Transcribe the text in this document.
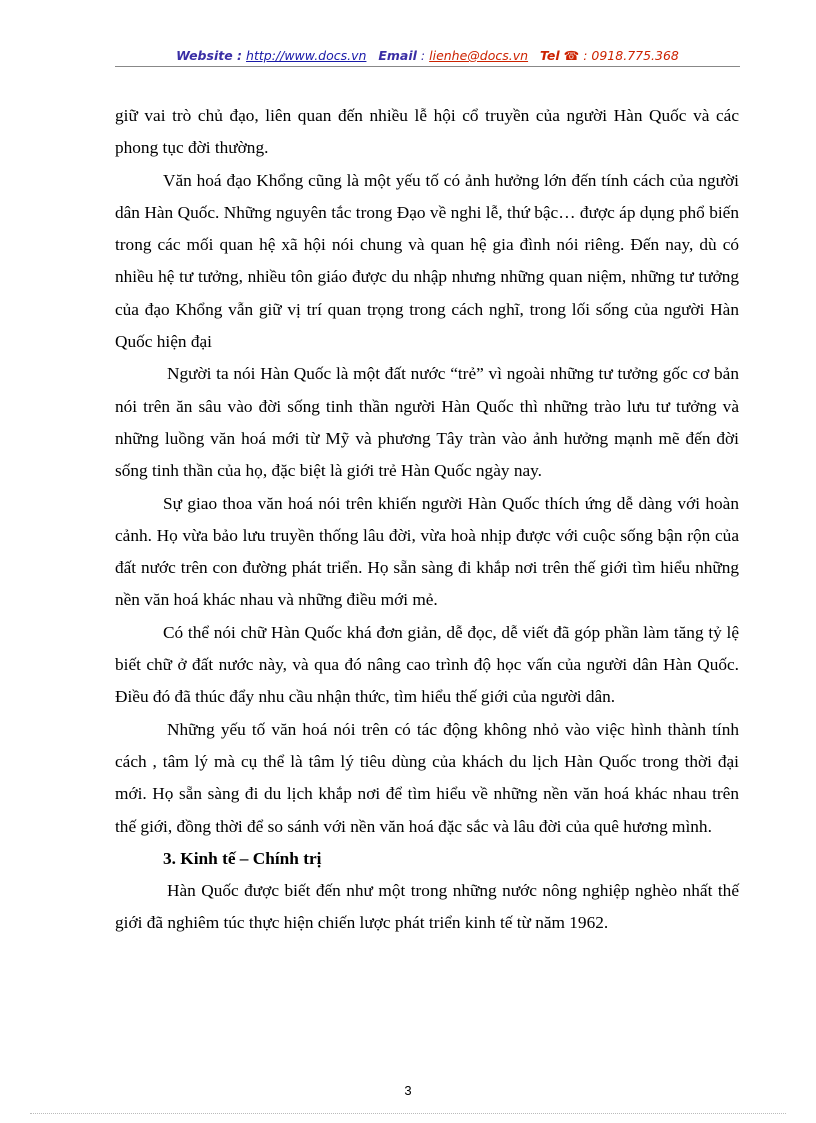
Website : http://www.docs.vn Email : lienhe@docs.vn Tel ☎ : 0918.775.368

giữ vai trò chủ đạo, liên quan đến nhiều lễ hội cổ truyền của người Hàn Quốc và các phong tục đời thường.

Văn hoá đạo Khổng cũng là một yếu tố có ảnh hưởng lớn đến tính cách của người dân Hàn Quốc. Những nguyên tắc trong Đạo về nghi lễ, thứ bậc… được áp dụng phổ biến trong các mối quan hệ xã hội nói chung và quan hệ gia đình nói riêng. Đến nay, dù có nhiều hệ tư tưởng, nhiều tôn giáo được du nhập nhưng những quan niệm, những tư tưởng của đạo Khổng vẫn giữ vị trí quan trọng trong cách nghĩ, trong lối sống của người Hàn Quốc hiện đại

Người ta nói Hàn Quốc là một đất nước “trẻ” vì ngoài những tư tưởng gốc cơ bản nói trên ăn sâu vào đời sống tinh thần người Hàn Quốc thì những trào lưu tư tưởng và những luồng văn hoá mới từ Mỹ và phương Tây tràn vào ảnh hưởng mạnh mẽ đến đời sống tinh thần của họ, đặc biệt là giới trẻ Hàn Quốc ngày nay.

Sự giao thoa văn hoá nói trên khiến người Hàn Quốc thích ứng dễ dàng với hoàn cảnh. Họ vừa bảo lưu truyền thống lâu đời, vừa hoà nhịp được với cuộc sống bận rộn của đất nước trên con đường phát triển. Họ sẵn sàng đi khắp nơi trên thế giới tìm hiểu những nền văn hoá khác nhau và những điều mới mẻ.

Có thể nói chữ Hàn Quốc khá đơn giản, dễ đọc, dễ viết đã góp phần làm tăng tỷ lệ biết chữ ở đất nước này, và qua đó nâng cao trình độ học vấn của người dân Hàn Quốc. Điều đó đã thúc đẩy nhu cầu nhận thức, tìm hiểu thế giới của người dân.

Những yếu tố văn hoá nói trên có tác động không nhỏ vào việc hình thành tính cách , tâm lý mà cụ thể là tâm lý tiêu dùng của khách du lịch Hàn Quốc trong thời đại mới. Họ sẵn sàng đi du lịch khắp nơi để tìm hiểu về những nền văn hoá khác nhau trên thế giới, đồng thời để so sánh với nền văn hoá đặc sắc và lâu đời của quê hương mình.

3. Kinh tế – Chính trị

Hàn Quốc được biết đến như một trong những nước nông nghiệp nghèo nhất thế giới đã nghiêm túc thực hiện chiến lược phát triển kinh tế từ năm 1962.

3
